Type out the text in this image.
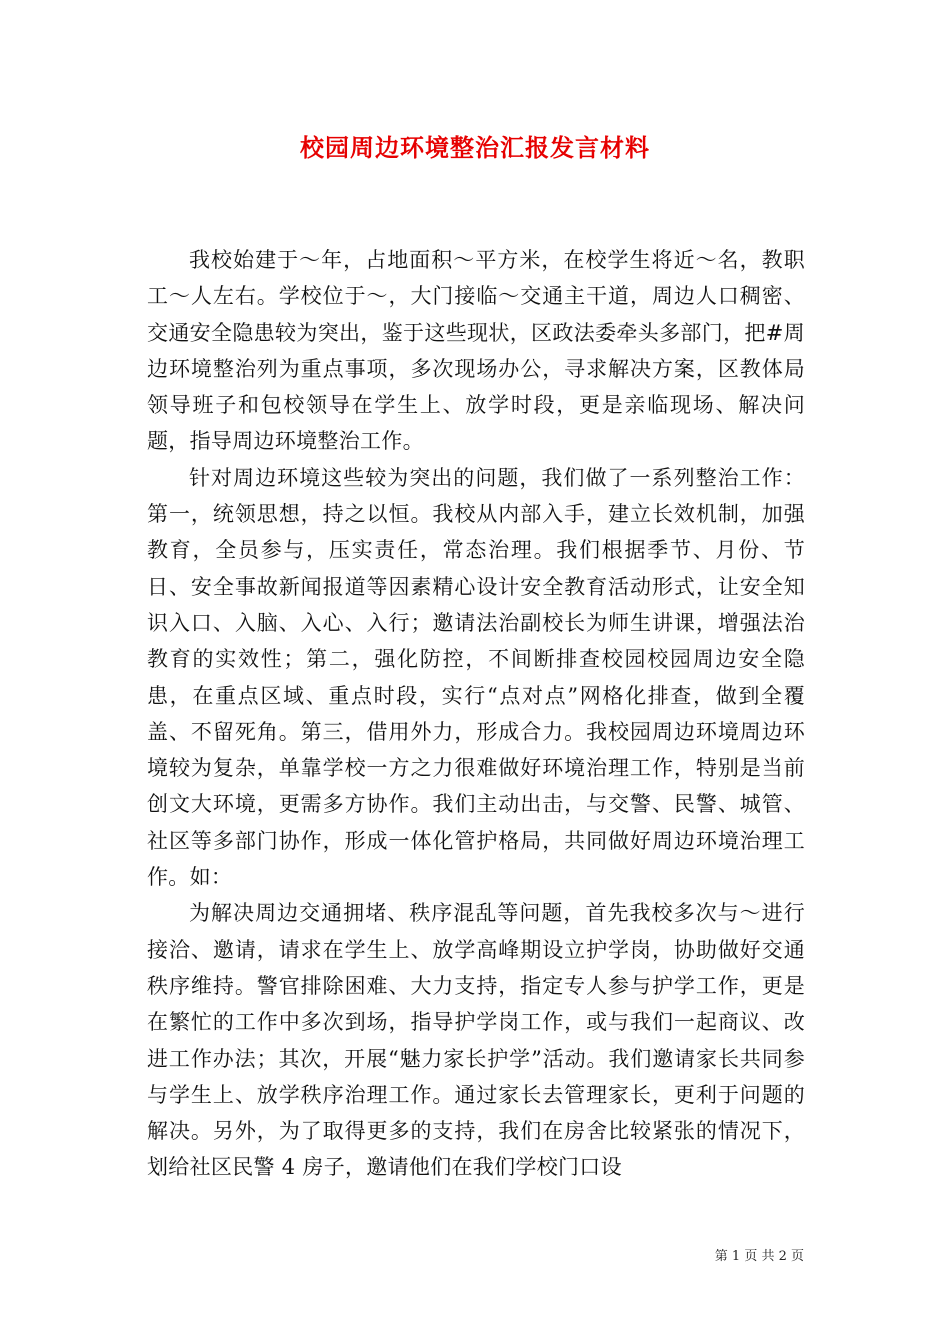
校园周边环境整治汇报发言材料

我校始建于～年，占地面积～平方米，在校学生将近～名，教职工～人左右。学校位于～，大门接临～交通主干道，周边人口稠密、交通安全隐患较为突出，鉴于这些现状，区政法委牵头多部门，把#周边环境整治列为重点事项，多次现场办公，寻求解决方案，区教体局领导班子和包校领导在学生上、放学时段，更是亲临现场、解决问题，指导周边环境整治工作。

针对周边环境这些较为突出的问题，我们做了一系列整治工作：第一，统领思想，持之以恒。我校从内部入手，建立长效机制，加强教育，全员参与，压实责任，常态治理。我们根据季节、月份、节日、安全事故新闻报道等因素精心设计安全教育活动形式，让安全知识入口、入脑、入心、入行；邀请法治副校长为师生讲课，增强法治教育的实效性；第二，强化防控，不间断排查校园校园周边安全隐患，在重点区域、重点时段，实行“点对点”网格化排查，做到全覆盖、不留死角。第三，借用外力，形成合力。我校园周边环境周边环境较为复杂，单靠学校一方之力很难做好环境治理工作，特别是当前创文大环境，更需多方协作。我们主动出击，与交警、民警、城管、社区等多部门协作，形成一体化管护格局，共同做好周边环境治理工作。如：

为解决周边交通拥堵、秩序混乱等问题，首先我校多次与～进行接洽、邀请，请求在学生上、放学高峰期设立护学岗，协助做好交通秩序维持。警官排除困难、大力支持，指定专人参与护学工作，更是在繁忙的工作中多次到场，指导护学岗工作，或与我们一起商议、改进工作办法；其次，开展“魅力家长护学”活动。我们邀请家长共同参与学生上、放学秩序治理工作。通过家长去管理家长，更利于问题的解决。另外，为了取得更多的支持，我们在房舍比较紧张的情况下，划给社区民警 4 房子，邀请他们在我们学校门口设

第 1 页 共 2 页
